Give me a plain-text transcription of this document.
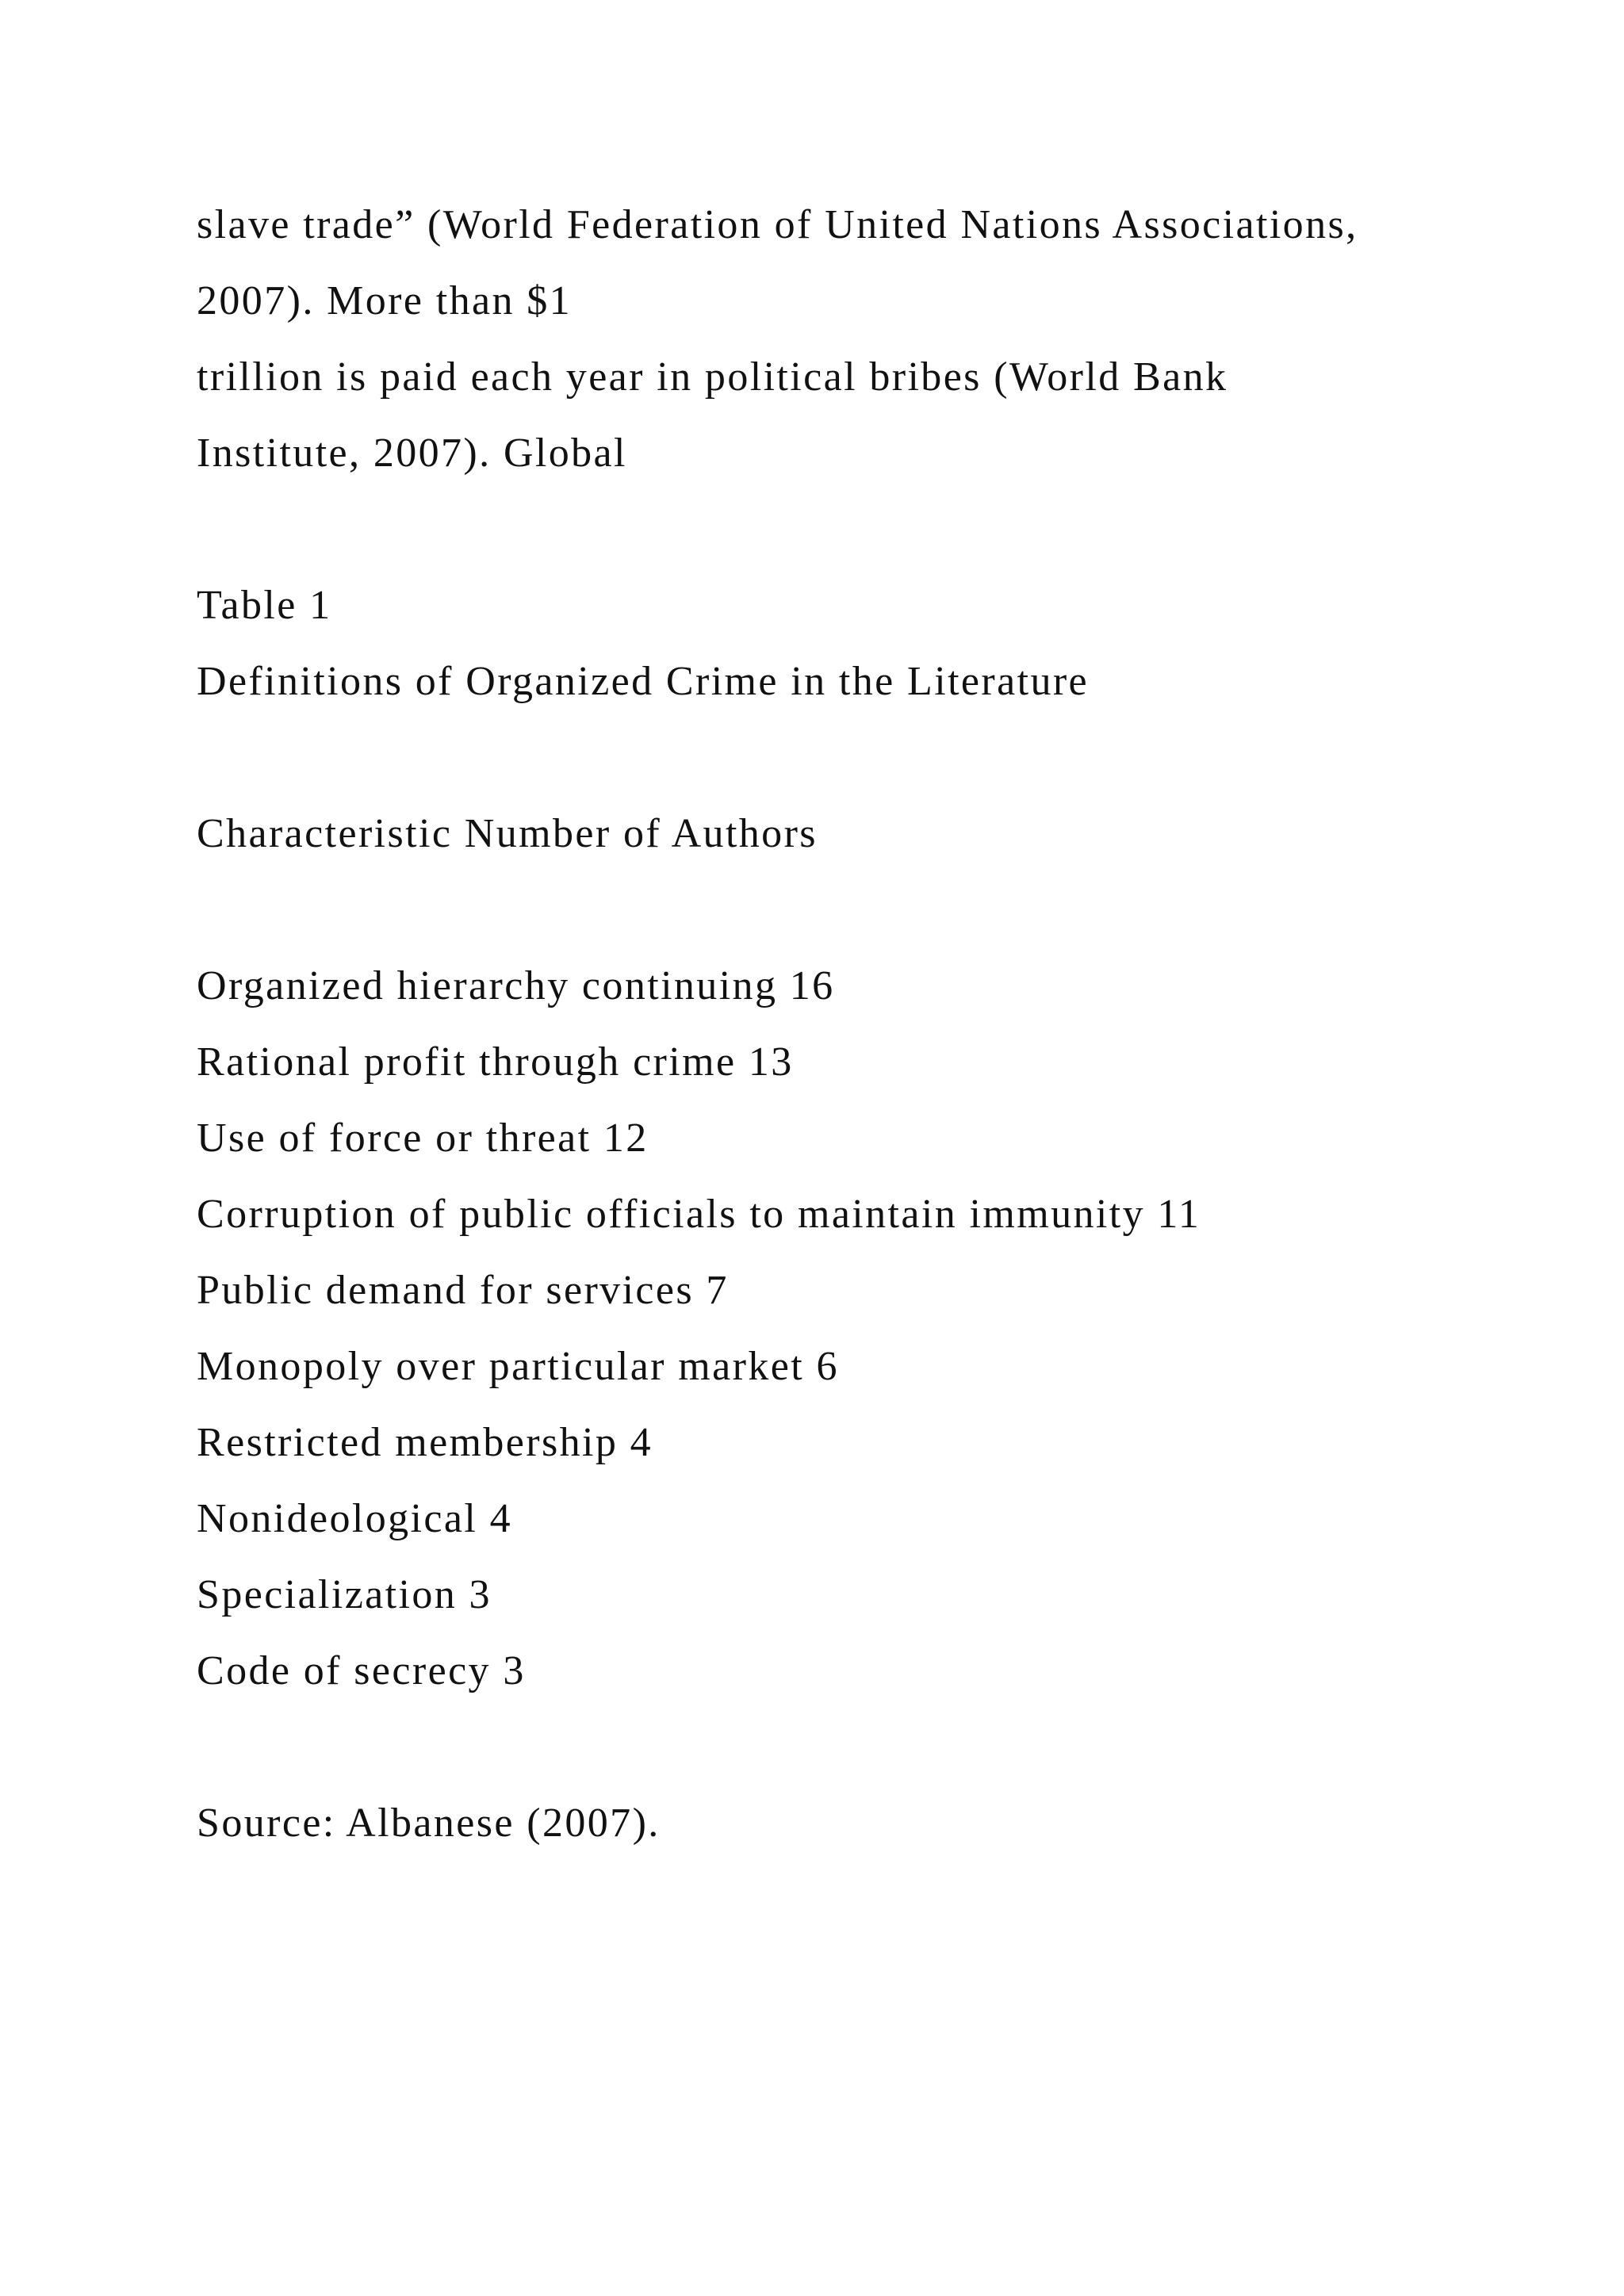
slave trade” (World Federation of United Nations Associations,
2007). More than $1
trillion is paid each year in political bribes (World Bank
Institute, 2007). Global
Table 1
Definitions of Organized Crime in the Literature
Characteristic Number of Authors
Organized hierarchy continuing 16
Rational profit through crime 13
Use of force or threat 12
Corruption of public officials to maintain immunity 11
Public demand for services 7
Monopoly over particular market 6
Restricted membership 4
Nonideological 4
Specialization 3
Code of secrecy 3
Source: Albanese (2007).
